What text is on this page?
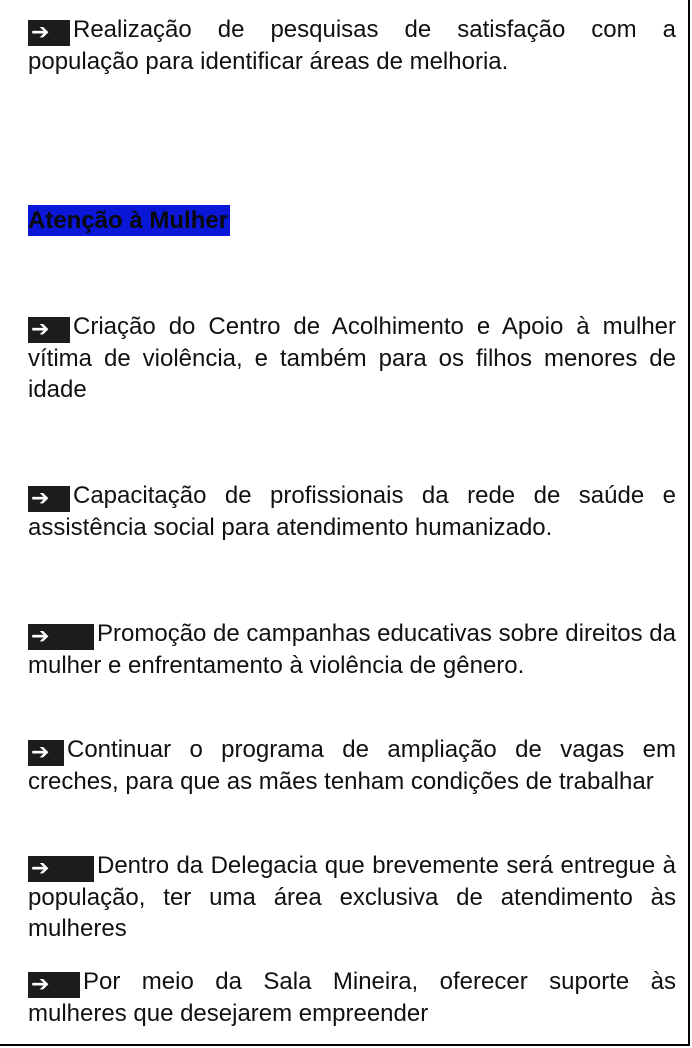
➔ Realização de pesquisas de satisfação com a população para identificar áreas de melhoria.

Atenção à Mulher

➔ Criação do Centro de Acolhimento e Apoio à mulher vítima de violência, e também para os filhos menores de idade

➔ Capacitação de profissionais da rede de saúde e assistência social para atendimento humanizado.

➔ Promoção de campanhas educativas sobre direitos da mulher e enfrentamento à violência de gênero.

➔ Continuar o programa de ampliação de vagas em creches, para que as mães tenham condições de trabalhar

➔ Dentro da Delegacia que brevemente será entregue à população, ter uma área exclusiva de atendimento às mulheres

➔ Por meio da Sala Mineira, oferecer suporte às mulheres que desejarem empreender
